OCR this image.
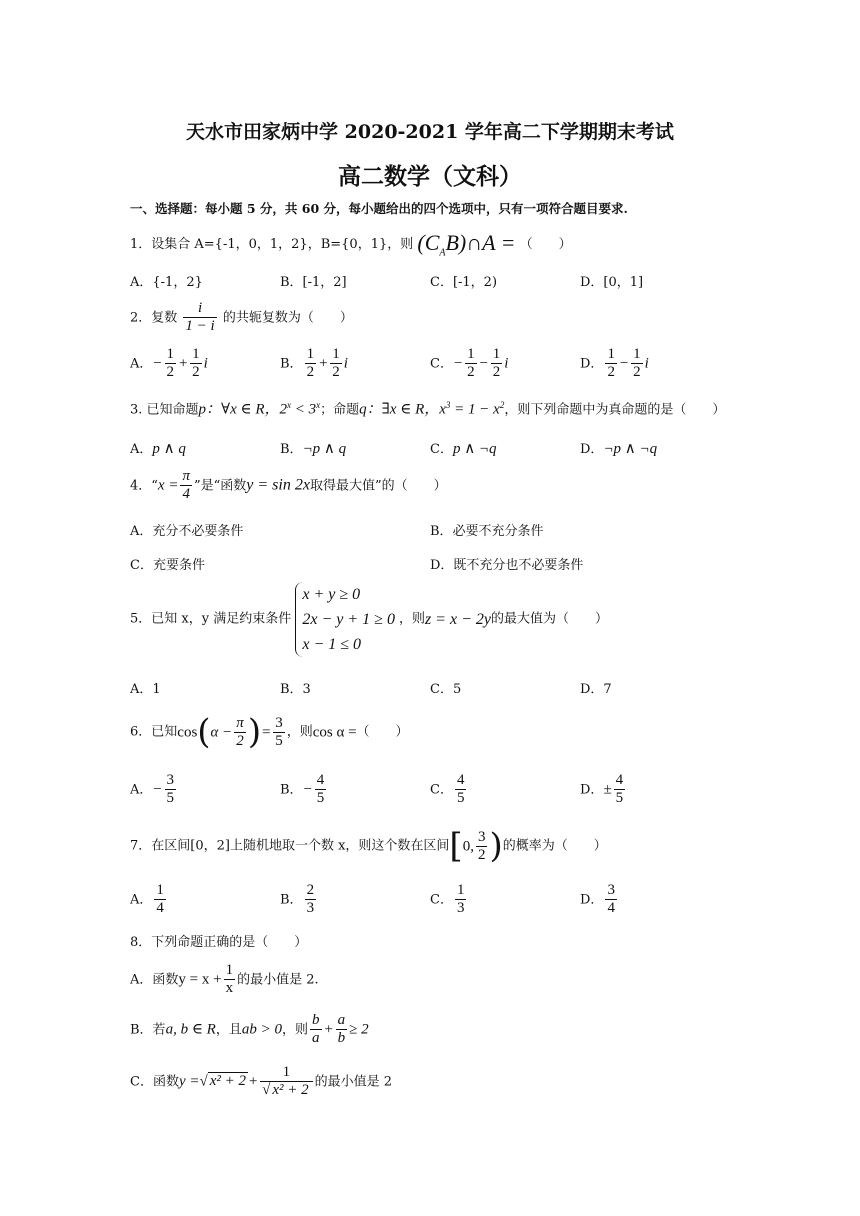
天水市田家炳中学 2020-2021 学年高二下学期期末考试
高二数学（文科）
一、选择题：每小题 5 分，共 60 分，每小题给出的四个选项中，只有一项符合题目要求.
1．设集合 A={-1，0，1，2}，B={0，1}，则 $(C_AB)\cap A$ = （　　）
A．{-1，2}	B．[-1，2]	C．[-1，2)	D．[0，1]
2．复数 $\frac{i}{1 - i}$ 的共轭复数为（　　）
A．− $\frac{1}{2} + \frac{1}{2}$ i	B． $\frac{1}{2} + \frac{1}{2}$ i	C．− $\frac{1}{2} - \frac{1}{2}$ i	D． $\frac{1}{2} - \frac{1}{2}$ i
3. 已知命题p：∀x ∈ R，$2^x < 3^x$；命题q：∃x ∈ R，$x^3 = 1 - x^2$，则下列命题中为真命题的是（　　）
A．p ∧ q	B．¬p ∧ q	C．p ∧ ¬q	D．¬p ∧ ¬q
4．“$x = \frac{\pi}{4}$ ”是“函数y = sin 2x取得最大值”的（　　）
A．充分不必要条件	B．必要不充分条件
C．充要条件	D．既不充分也不必要条件
5．已知 x，y 满足约束条件
x + y ≥ 0
2x − y + 1 ≥ 0
x − 1 ≤ 0
，则z = x − 2y的最大值为（　　）
A．1	B．3	C．5	D．7
6．已知$\cos(\alpha - \frac{\pi}{2}$ )= $\frac{3}{5}$ ，则cos α =（　　）
A．− $\frac{3}{5}$	B．− $\frac{4}{5}$	C． $\frac{4}{5}$	D．± $\frac{4}{5}$
7．在区间[0，2]上随机地取一个数 x，则这个数在区间[0, $\frac{3}{2}$ )的概率为（　　）
A． $\frac{1}{4}$	B． $\frac{2}{3}$	C． $\frac{1}{3}$	D． $\frac{3}{4}$
8．下列命题正确的是（　　）
A．函数$y = x + \frac{1}{x}$ 的最小值是 2.
B．若a, b ∈ R，且ab > 0，则 $\frac{b}{a} + \frac{a}{b} \ge 2$
C．函数y =√ $x^2 + 2 + \frac{1}{\text{√ x² + 2}}$ 的最小值是 2
